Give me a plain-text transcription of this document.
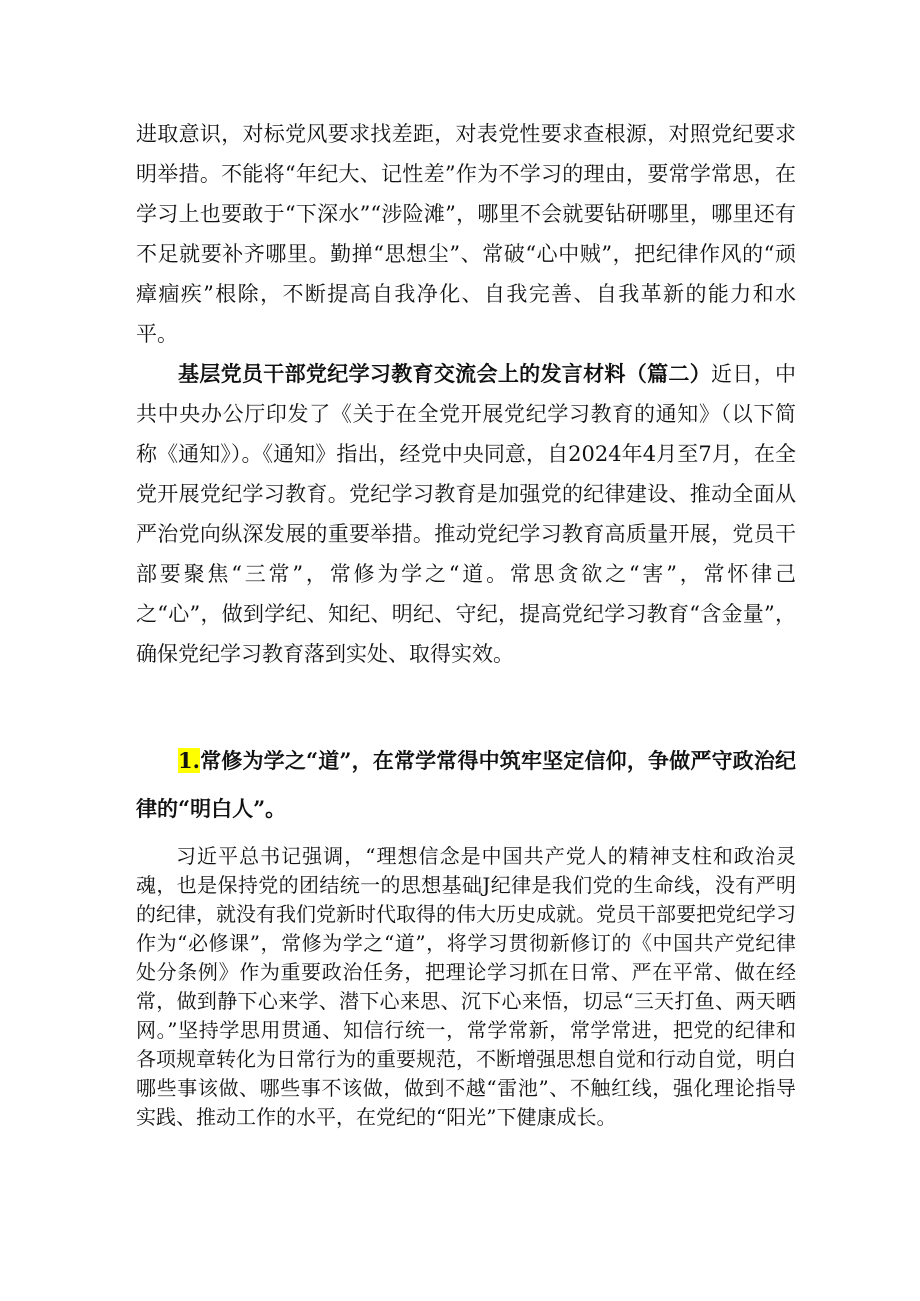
进取意识，对标党风要求找差距，对表党性要求查根源，对照党纪要求明举措。不能将“年纪大、记性差”作为不学习的理由，要常学常思，在学习上也要敢于“下深水”“涉险滩”，哪里不会就要钻研哪里，哪里还有不足就要补齐哪里。勤掸“思想尘”、常破“心中贼”，把纪律作风的“顽瘴痼疾”根除，不断提高自我净化、自我完善、自我革新的能力和水平。

基层党员干部党纪学习教育交流会上的发言材料（篇二）近日，中共中央办公厅印发了《关于在全党开展党纪学习教育的通知》（以下简称《通知》）。《通知》指出，经党中央同意，自2024年4月至7月，在全党开展党纪学习教育。党纪学习教育是加强党的纪律建设、推动全面从严治党向纵深发展的重要举措。推动党纪学习教育高质量开展，党员干部要聚焦“三常”，常修为学之“道。常思贪欲之“害”，常怀律己之“心”，做到学纪、知纪、明纪、守纪，提高党纪学习教育“含金量”，确保党纪学习教育落到实处、取得实效。

1.常修为学之“道”，在常学常得中筑牢坚定信仰，争做严守政治纪律的“明白人”。

习近平总书记强调，“理想信念是中国共产党人的精神支柱和政治灵魂，也是保持党的团结统一的思想基础J纪律是我们党的生命线，没有严明的纪律，就没有我们党新时代取得的伟大历史成就。党员干部要把党纪学习作为“必修课”，常修为学之“道”，将学习贯彻新修订的《中国共产党纪律处分条例》作为重要政治任务，把理论学习抓在日常、严在平常、做在经常，做到静下心来学、潜下心来思、沉下心来悟，切忌“三天打鱼、两天晒网。”坚持学思用贯通、知信行统一，常学常新，常学常进，把党的纪律和各项规章转化为日常行为的重要规范，不断增强思想自觉和行动自觉，明白哪些事该做、哪些事不该做，做到不越“雷池”、不触红线，强化理论指导实践、推动工作的水平，在党纪的“阳光”下健康成长。
